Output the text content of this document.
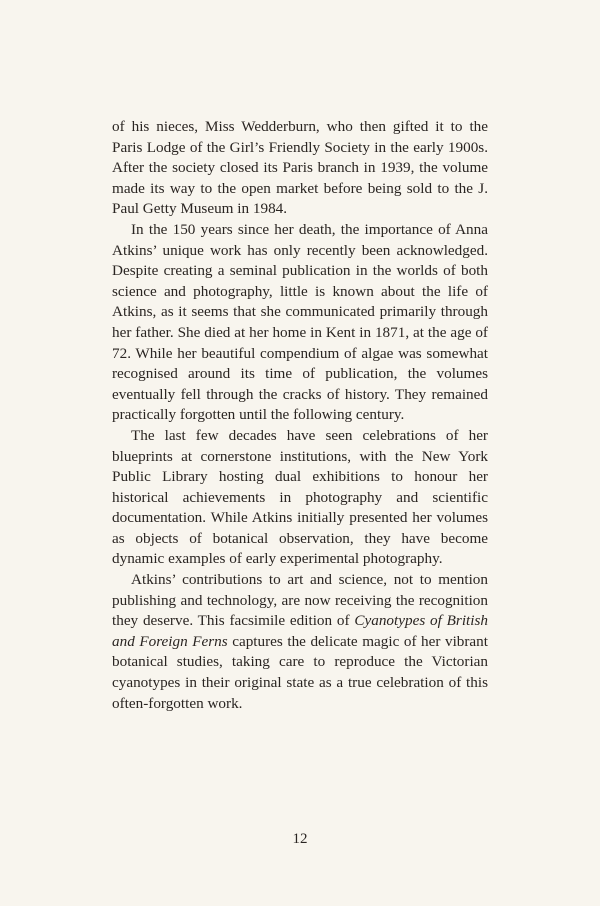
of his nieces, Miss Wedderburn, who then gifted it to the Paris Lodge of the Girl’s Friendly Society in the early 1900s. After the society closed its Paris branch in 1939, the volume made its way to the open market before being sold to the J. Paul Getty Museum in 1984.

In the 150 years since her death, the importance of Anna Atkins’ unique work has only recently been acknowledged. Despite creating a seminal publication in the worlds of both science and photography, little is known about the life of Atkins, as it seems that she communicated primarily through her father. She died at her home in Kent in 1871, at the age of 72. While her beautiful compendium of algae was somewhat recognised around its time of publication, the volumes eventually fell through the cracks of history. They remained practically forgotten until the following century.

The last few decades have seen celebrations of her blueprints at cornerstone institutions, with the New York Public Library hosting dual exhibitions to honour her historical achievements in photography and scientific documentation. While Atkins initially presented her volumes as objects of botanical observation, they have become dynamic examples of early experimental photography.

Atkins’ contributions to art and science, not to mention publishing and technology, are now receiving the recognition they deserve. This facsimile edition of Cyanotypes of British and Foreign Ferns captures the delicate magic of her vibrant botanical studies, taking care to reproduce the Victorian cyanotypes in their original state as a true celebration of this often-forgotten work.

12
